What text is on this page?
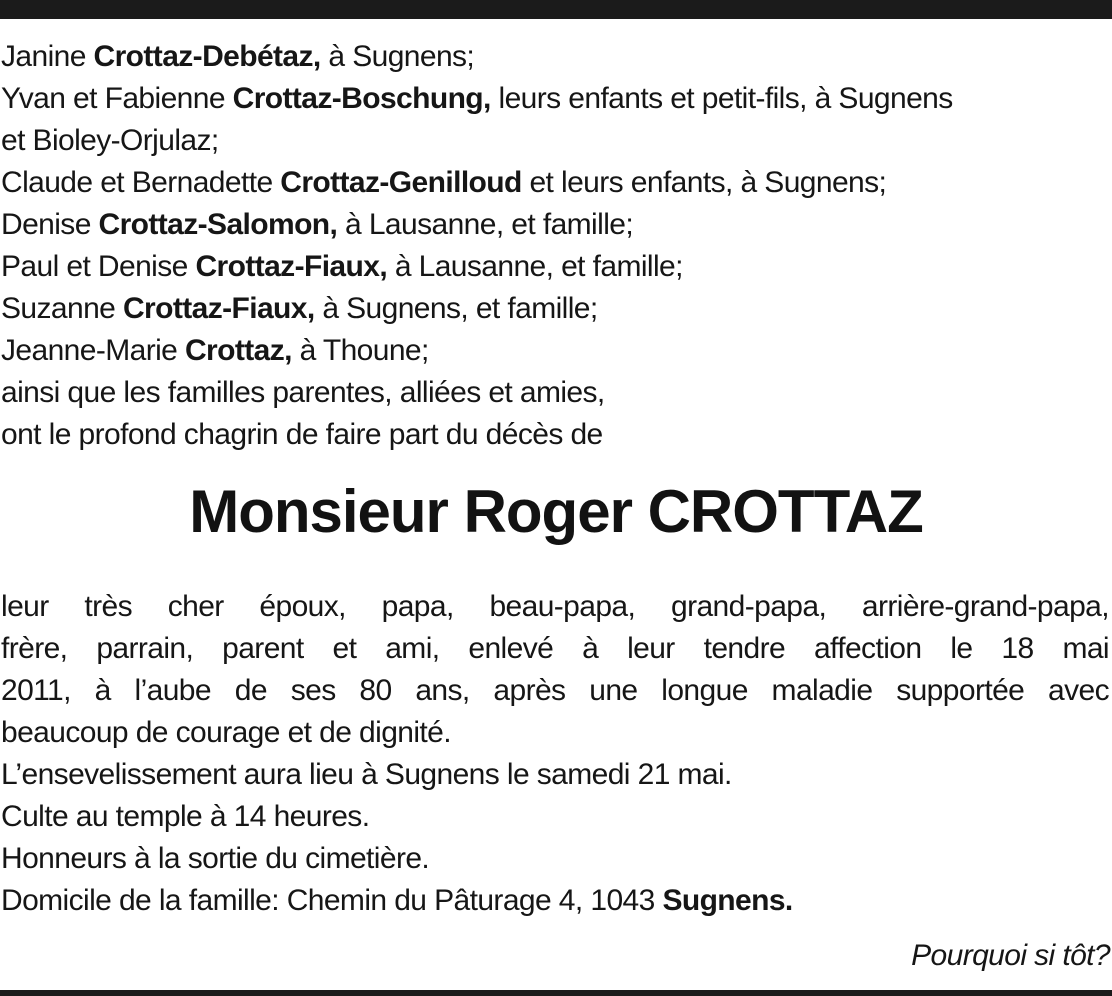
Janine Crottaz-Debétaz, à Sugnens;
Yvan et Fabienne Crottaz-Boschung, leurs enfants et petit-fils, à Sugnens
et Bioley-Orjulaz;
Claude et Bernadette Crottaz-Genilloud et leurs enfants, à Sugnens;
Denise Crottaz-Salomon, à Lausanne, et famille;
Paul et Denise Crottaz-Fiaux, à Lausanne, et famille;
Suzanne Crottaz-Fiaux, à Sugnens, et famille;
Jeanne-Marie Crottaz, à Thoune;
ainsi que les familles parentes, alliées et amies,
ont le profond chagrin de faire part du décès de
Monsieur Roger CROTTAZ
leur très cher époux, papa, beau-papa, grand-papa, arrière-grand-papa,
frère, parrain, parent et ami, enlevé à leur tendre affection le 18 mai
2011, à l’aube de ses 80 ans, après une longue maladie supportée avec
beaucoup de courage et de dignité.
L’ensevelissement aura lieu à Sugnens le samedi 21 mai.
Culte au temple à 14 heures.
Honneurs à la sortie du cimetière.
Domicile de la famille: Chemin du Pâturage 4, 1043 Sugnens.
Pourquoi si tôt?
